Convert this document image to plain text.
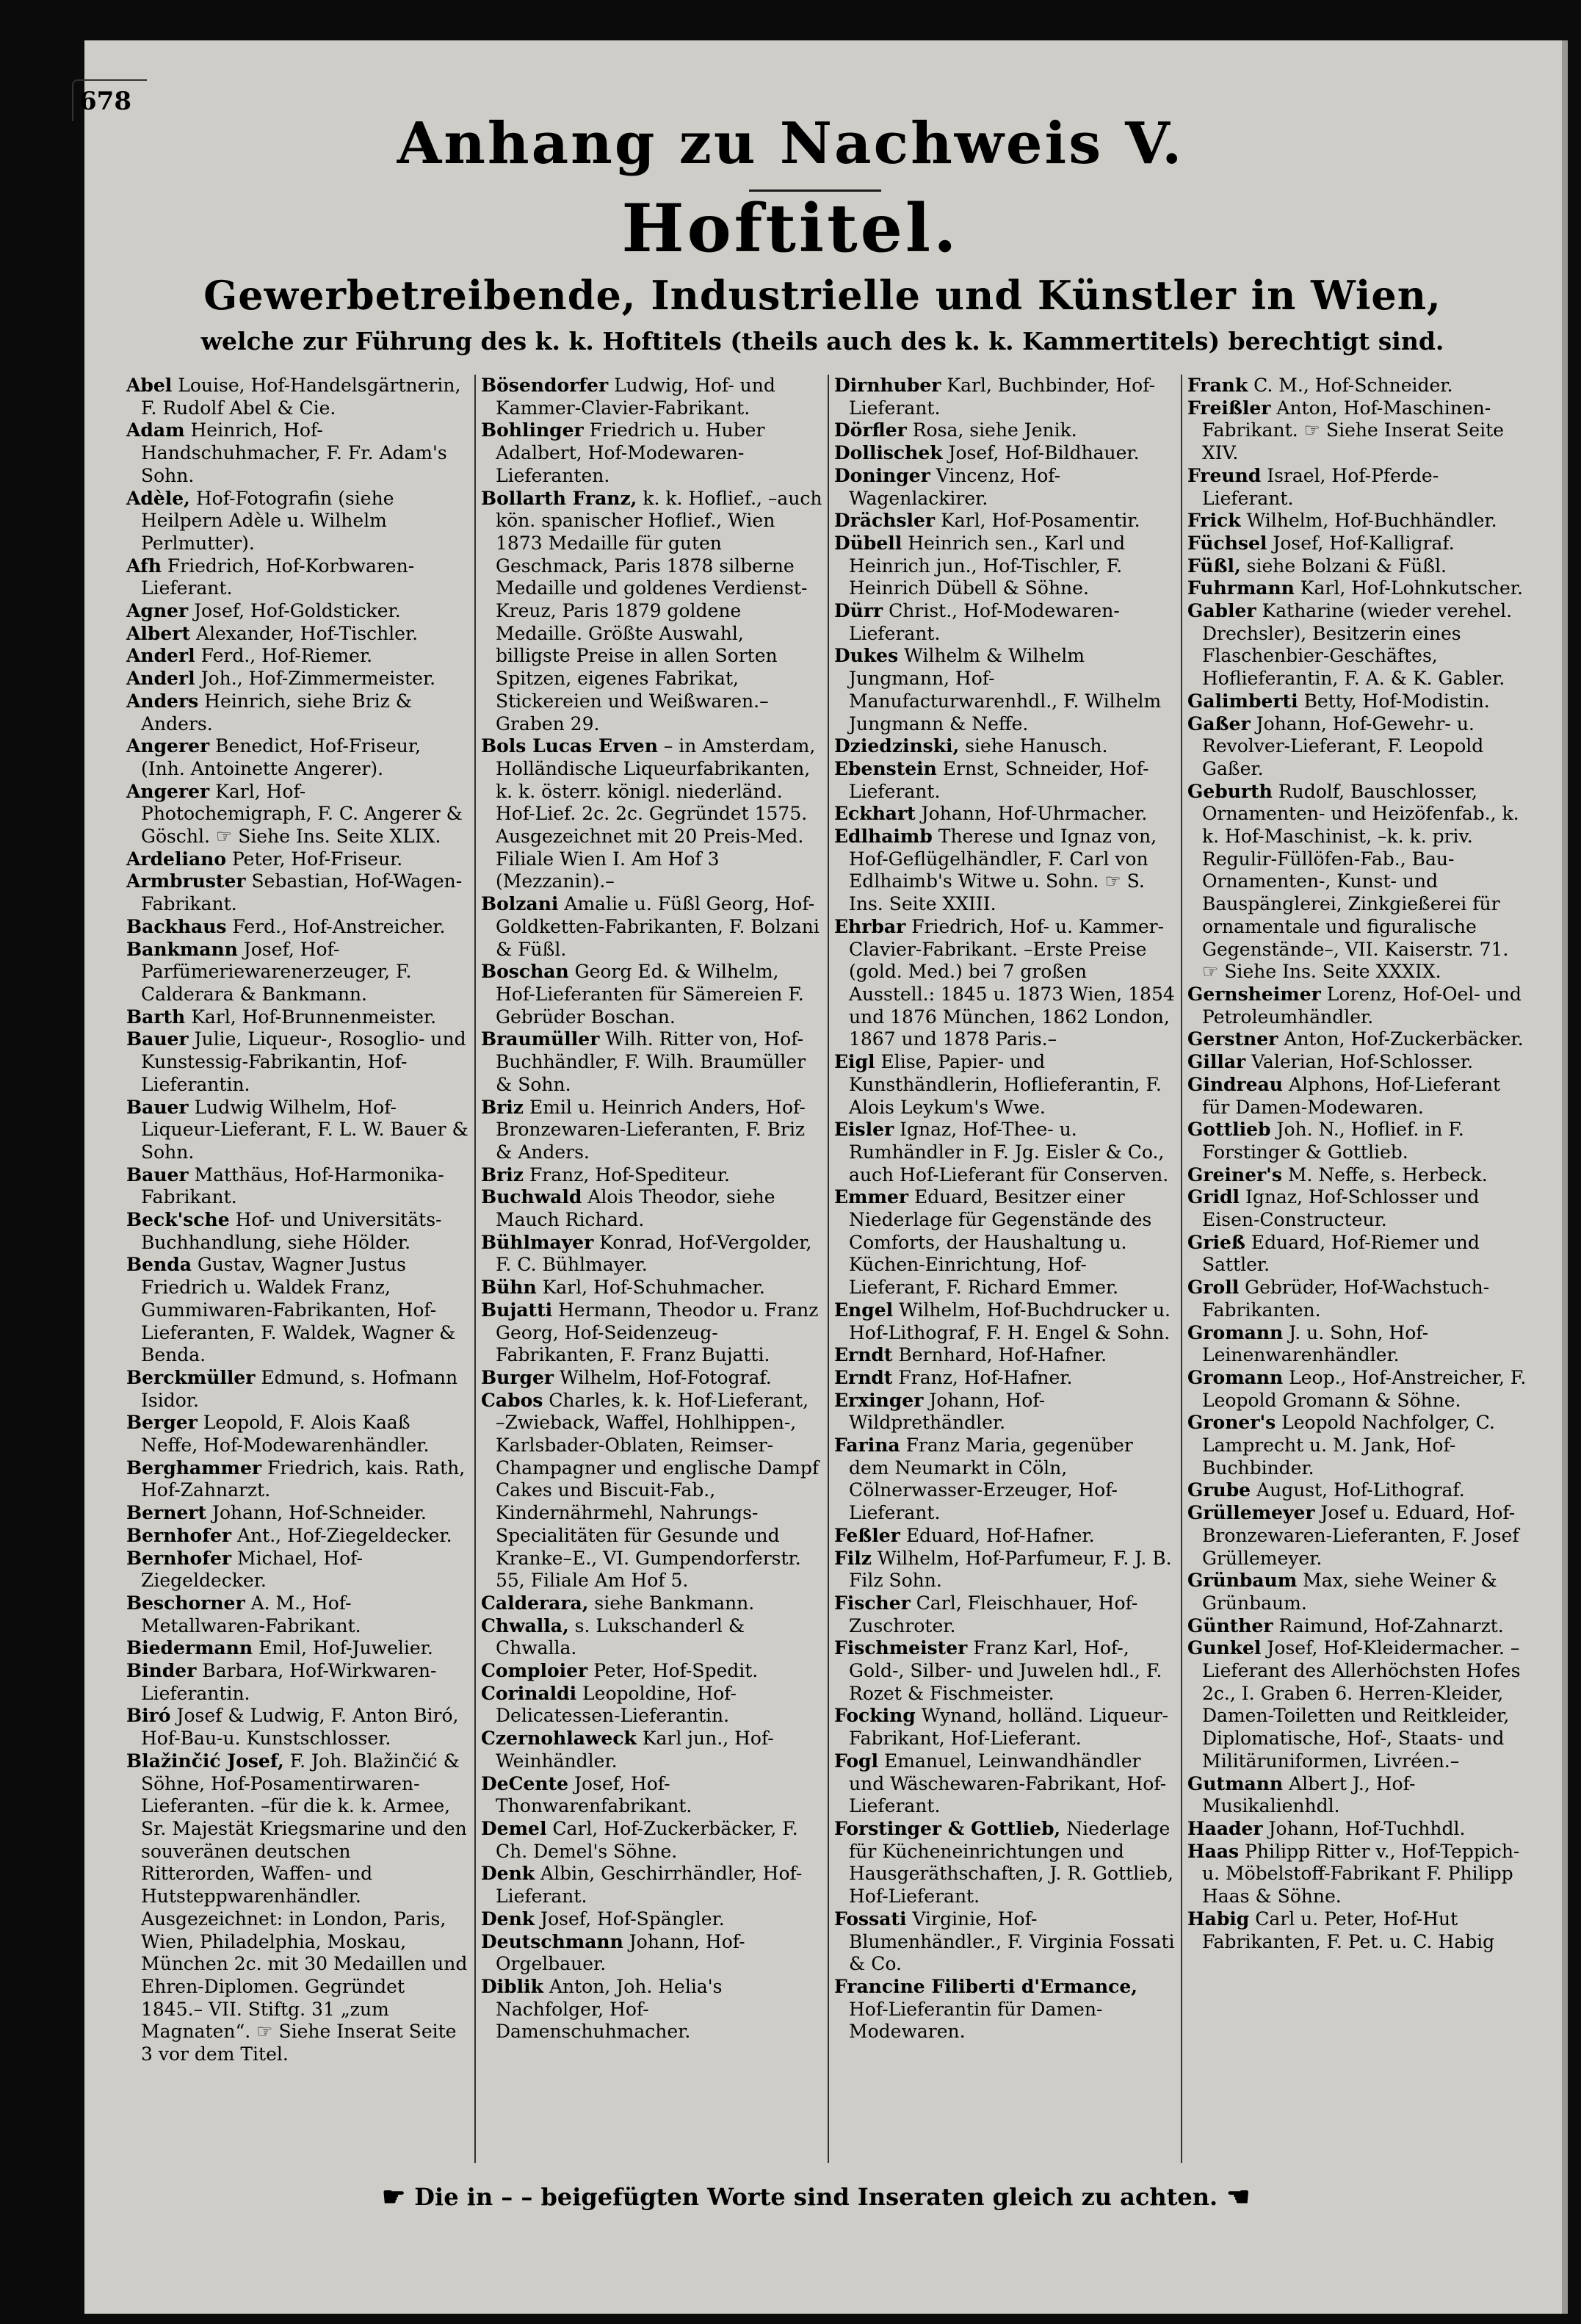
678
Anhang zu Nachweis V.
Hoftitel.
Gewerbetreibende, Industrielle und Künstler in Wien,
welche zur Führung des k. k. Hoftitels (theils auch des k. k. Kammertitels) berechtigt sind.

Abel Louise, Hof-Handelsgärtnerin, F. Rudolf Abel & Cie.

Adam Heinrich, Hof-Handschuhmacher, F. Fr. Adam's Sohn.

Adèle, Hof-Fotografin (siehe Heilpern Adèle u. Wilhelm Perlmutter).

Afh Friedrich, Hof-Korbwaren-Lieferant.

Agner Josef, Hof-Goldsticker.

Albert Alexander, Hof-Tischler.

Anderl Ferd., Hof-Riemer.

Anderl Joh., Hof-Zimmermeister.

Anders Heinrich, siehe Briz & Anders.

Angerer Benedict, Hof-Friseur, (Inh. Antoinette Angerer).

Angerer Karl, Hof-Photochemigraph, F. C. Angerer & Göschl. ☞ Siehe Ins. Seite XLIX.

Ardeliano Peter, Hof-Friseur.

Armbruster Sebastian, Hof-Wagen-Fabrikant.

Backhaus Ferd., Hof-Anstreicher.

Bankmann Josef, Hof-Parfümeriewarenerzeuger, F. Calderara & Bankmann.

Barth Karl, Hof-Brunnenmeister.

Bauer Julie, Liqueur-, Rosoglio- und Kunstessig-Fabrikantin, Hof-Lieferantin.

Bauer Ludwig Wilhelm, Hof-Liqueur-Lieferant, F. L. W. Bauer & Sohn.

Bauer Matthäus, Hof-Harmonika-Fabrikant.

Beck'sche Hof- und Universitäts-Buchhandlung, siehe Hölder.

Benda Gustav, Wagner Justus Friedrich u. Waldek Franz, Gummiwaren-Fabrikanten, Hof-Lieferanten, F. Waldek, Wagner & Benda.

Berckmüller Edmund, s. Hofmann Isidor.

Berger Leopold, F. Alois Kaaß Neffe, Hof-Modewarenhändler.

Berghammer Friedrich, kais. Rath, Hof-Zahnarzt.

Bernert Johann, Hof-Schneider.

Bernhofer Ant., Hof-Ziegeldecker.

Bernhofer Michael, Hof-Ziegeldecker.

Beschorner A. M., Hof-Metallwaren-Fabrikant.

Biedermann Emil, Hof-Juwelier.

Binder Barbara, Hof-Wirkwaren-Lieferantin.

Biró Josef & Ludwig, F. Anton Biró, Hof-Bau-u. Kunstschlosser.

Blažinčić Josef, F. Joh. Blažinčić & Söhne, Hof-Posamentirwaren-Lieferanten. –für die k. k. Armee, Sr. Majestät Kriegsmarine und den souveränen deutschen Ritterorden, Waffen- und Hutsteppwarenhändler. Ausgezeichnet: in London, Paris, Wien, Philadelphia, Moskau, München 2c. mit 30 Medaillen und Ehren-Diplomen. Gegründet 1845.– VII. Stiftg. 31 „zum Magnaten“. ☞ Siehe Inserat Seite 3 vor dem Titel.

Bösendorfer Ludwig, Hof- und Kammer-Clavier-Fabrikant.

Bohlinger Friedrich u. Huber Adalbert, Hof-Modewaren-Lieferanten.

Bollarth Franz, k. k. Hoflief., –auch kön. spanischer Hoflief., Wien 1873 Medaille für guten Geschmack, Paris 1878 silberne Medaille und goldenes Verdienst-Kreuz, Paris 1879 goldene Medaille. Größte Auswahl, billigste Preise in allen Sorten Spitzen, eigenes Fabrikat, Stickereien und Weißwaren.– Graben 29.

Bols Lucas Erven – in Amsterdam, Holländische Liqueurfabrikanten, k. k. österr. königl. niederländ. Hof-Lief. 2c. 2c. Gegründet 1575. Ausgezeichnet mit 20 Preis-Med. Filiale Wien I. Am Hof 3 (Mezzanin).–

Bolzani Amalie u. Füßl Georg, Hof-Goldketten-Fabrikanten, F. Bolzani & Füßl.

Boschan Georg Ed. & Wilhelm, Hof-Lieferanten für Sämereien F. Gebrüder Boschan.

Braumüller Wilh. Ritter von, Hof-Buchhändler, F. Wilh. Braumüller & Sohn.

Briz Emil u. Heinrich Anders, Hof-Bronzewaren-Lieferanten, F. Briz & Anders.

Briz Franz, Hof-Spediteur.

Buchwald Alois Theodor, siehe Mauch Richard.

Bühlmayer Konrad, Hof-Vergolder, F. C. Bühlmayer.

Bühn Karl, Hof-Schuhmacher.

Bujatti Hermann, Theodor u. Franz Georg, Hof-Seidenzeug-Fabrikanten, F. Franz Bujatti.

Burger Wilhelm, Hof-Fotograf.

Cabos Charles, k. k. Hof-Lieferant, –Zwieback, Waffel, Hohlhippen-, Karlsbader-Oblaten, Reimser-Champagner und englische Dampf Cakes und Biscuit-Fab., Kindernährmehl, Nahrungs-Specialitäten für Gesunde und Kranke–E., VI. Gumpendorferstr. 55, Filiale Am Hof 5.

Calderara, siehe Bankmann.

Chwalla, s. Lukschanderl & Chwalla.

Comploier Peter, Hof-Spedit.

Corinaldi Leopoldine, Hof-Delicatessen-Lieferantin.

Czernohlaweck Karl jun., Hof-Weinhändler.

DeCente Josef, Hof-Thonwarenfabrikant.

Demel Carl, Hof-Zuckerbäcker, F. Ch. Demel's Söhne.

Denk Albin, Geschirrhändler, Hof-Lieferant.

Denk Josef, Hof-Spängler.

Deutschmann Johann, Hof-Orgelbauer.

Diblik Anton, Joh. Helia's Nachfolger, Hof-Damenschuhmacher.

Dirnhuber Karl, Buchbinder, Hof-Lieferant.

Dörfler Rosa, siehe Jenik.

Dollischek Josef, Hof-Bildhauer.

Doninger Vincenz, Hof-Wagenlackirer.

Drächsler Karl, Hof-Posamentir.

Dübell Heinrich sen., Karl und Heinrich jun., Hof-Tischler, F. Heinrich Dübell & Söhne.

Dürr Christ., Hof-Modewaren-Lieferant.

Dukes Wilhelm & Wilhelm Jungmann, Hof-Manufacturwarenhdl., F. Wilhelm Jungmann & Neffe.

Dziedzinski, siehe Hanusch.

Ebenstein Ernst, Schneider, Hof-Lieferant.

Eckhart Johann, Hof-Uhrmacher.

Edlhaimb Therese und Ignaz von, Hof-Geflügelhändler, F. Carl von Edlhaimb's Witwe u. Sohn. ☞ S. Ins. Seite XXIII.

Ehrbar Friedrich, Hof- u. Kammer-Clavier-Fabrikant. –Erste Preise (gold. Med.) bei 7 großen Ausstell.: 1845 u. 1873 Wien, 1854 und 1876 München, 1862 London, 1867 und 1878 Paris.–

Eigl Elise, Papier- und Kunsthändlerin, Hoflieferantin, F. Alois Leykum's Wwe.

Eisler Ignaz, Hof-Thee- u. Rumhändler in F. Jg. Eisler & Co., auch Hof-Lieferant für Conserven.

Emmer Eduard, Besitzer einer Niederlage für Gegenstände des Comforts, der Haushaltung u. Küchen-Einrichtung, Hof-Lieferant, F. Richard Emmer.

Engel Wilhelm, Hof-Buchdrucker u. Hof-Lithograf, F. H. Engel & Sohn.

Erndt Bernhard, Hof-Hafner.

Erndt Franz, Hof-Hafner.

Erxinger Johann, Hof-Wildprethändler.

Farina Franz Maria, gegenüber dem Neumarkt in Cöln, Cölnerwasser-Erzeuger, Hof-Lieferant.

Feßler Eduard, Hof-Hafner.

Filz Wilhelm, Hof-Parfumeur, F. J. B. Filz Sohn.

Fischer Carl, Fleischhauer, Hof-Zuschroter.

Fischmeister Franz Karl, Hof-, Gold-, Silber- und Juwelen hdl., F. Rozet & Fischmeister.

Focking Wynand, holländ. Liqueur-Fabrikant, Hof-Lieferant.

Fogl Emanuel, Leinwandhändler und Wäschewaren-Fabrikant, Hof-Lieferant.

Forstinger & Gottlieb, Niederlage für Kücheneinrichtungen und Hausgeräthschaften, J. R. Gottlieb, Hof-Lieferant.

Fossati Virginie, Hof-Blumenhändler., F. Virginia Fossati & Co.

Francine Filiberti d'Ermance, Hof-Lieferantin für Damen-Modewaren.

Frank C. M., Hof-Schneider.

Freißler Anton, Hof-Maschinen-Fabrikant. ☞ Siehe Inserat Seite XIV.

Freund Israel, Hof-Pferde-Lieferant.

Frick Wilhelm, Hof-Buchhändler.

Füchsel Josef, Hof-Kalligraf.

Füßl, siehe Bolzani & Füßl.

Fuhrmann Karl, Hof-Lohnkutscher.

Gabler Katharine (wieder verehel. Drechsler), Besitzerin eines Flaschenbier-Geschäftes, Hoflieferantin, F. A. & K. Gabler.

Galimberti Betty, Hof-Modistin.

Gaßer Johann, Hof-Gewehr- u. Revolver-Lieferant, F. Leopold Gaßer.

Geburth Rudolf, Bauschlosser, Ornamenten- und Heizöfenfab., k. k. Hof-Maschinist, –k. k. priv. Regulir-Füllöfen-Fab., Bau-Ornamenten-, Kunst- und Bauspänglerei, Zinkgießerei für ornamentale und figuralische Gegenstände–, VII. Kaiserstr. 71. ☞ Siehe Ins. Seite XXXIX.

Gernsheimer Lorenz, Hof-Oel- und Petroleumhändler.

Gerstner Anton, Hof-Zuckerbäcker.

Gillar Valerian, Hof-Schlosser.

Gindreau Alphons, Hof-Lieferant für Damen-Modewaren.

Gottlieb Joh. N., Hoflief. in F. Forstinger & Gottlieb.

Greiner's M. Neffe, s. Herbeck.

Gridl Ignaz, Hof-Schlosser und Eisen-Constructeur.

Grieß Eduard, Hof-Riemer und Sattler.

Groll Gebrüder, Hof-Wachstuch-Fabrikanten.

Gromann J. u. Sohn, Hof-Leinenwarenhändler.

Gromann Leop., Hof-Anstreicher, F. Leopold Gromann & Söhne.

Groner's Leopold Nachfolger, C. Lamprecht u. M. Jank, Hof-Buchbinder.

Grube August, Hof-Lithograf.

Grüllemeyer Josef u. Eduard, Hof-Bronzewaren-Lieferanten, F. Josef Grüllemeyer.

Grünbaum Max, siehe Weiner & Grünbaum.

Günther Raimund, Hof-Zahnarzt.

Gunkel Josef, Hof-Kleidermacher. –Lieferant des Allerhöchsten Hofes 2c., I. Graben 6. Herren-Kleider, Damen-Toiletten und Reitkleider, Diplomatische, Hof-, Staats- und Militäruniformen, Livréen.–

Gutmann Albert J., Hof-Musikalienhdl.

Haader Johann, Hof-Tuchhdl.

Haas Philipp Ritter v., Hof-Teppich-u. Möbelstoff-Fabrikant F. Philipp Haas & Söhne.

Habig Carl u. Peter, Hof-Hut Fabrikanten, F. Pet. u. C. Habig

☛ Die in – – beigefügten Worte sind Inseraten gleich zu achten. ☚
